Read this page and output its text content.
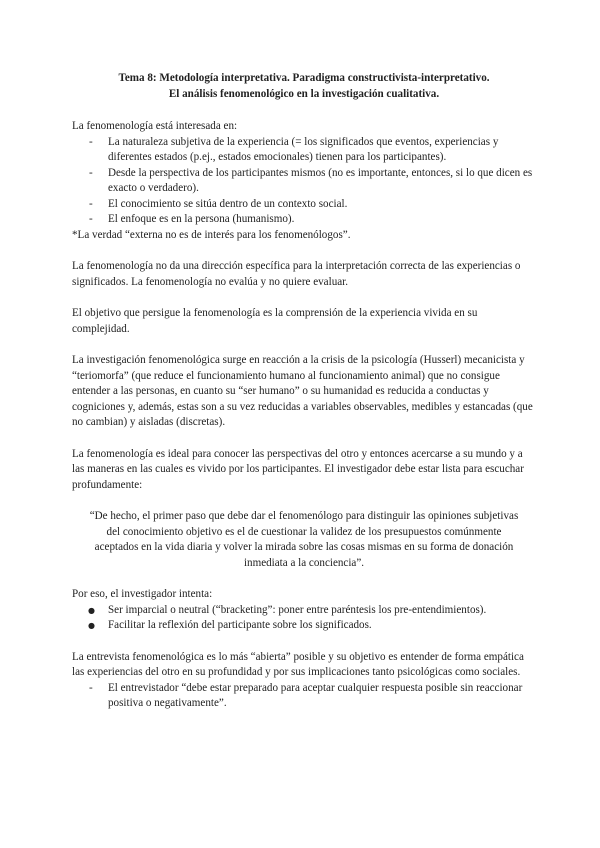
Tema 8: Metodología interpretativa. Paradigma constructivista-interpretativo.
El análisis fenomenológico en la investigación cualitativa.

La fenomenología está interesada en:

- La naturaleza subjetiva de la experiencia (= los significados que eventos, experiencias y diferentes estados (p.ej., estados emocionales) tienen para los participantes).
- Desde la perspectiva de los participantes mismos (no es importante, entonces, si lo que dicen es exacto o verdadero).
- El conocimiento se sitúa dentro de un contexto social.
- El enfoque es en la persona (humanismo).

*La verdad “externa no es de interés para los fenomenólogos”.

La fenomenología no da una dirección específica para la interpretación correcta de las experiencias o significados. La fenomenología no evalúa y no quiere evaluar.

El objetivo que persigue la fenomenología es la comprensión de la experiencia vivida en su complejidad.

La investigación fenomenológica surge en reacción a la crisis de la psicología (Husserl) mecanicista y “teriomorfa” (que reduce el funcionamiento humano al funcionamiento animal) que no consigue entender a las personas, en cuanto su “ser humano” o su humanidad es reducida a conductas y cogniciones y, además, estas son a su vez reducidas a variables observables, medibles y estancadas (que no cambian) y aisladas (discretas).

La fenomenología es ideal para conocer las perspectivas del otro y entonces acercarse a su mundo y a las maneras en las cuales es vivido por los participantes. El investigador debe estar lista para escuchar profundamente:

“De hecho, el primer paso que debe dar el fenomenólogo para distinguir las opiniones subjetivas del conocimiento objetivo es el de cuestionar la validez de los presupuestos comúnmente aceptados en la vida diaria y volver la mirada sobre las cosas mismas en su forma de donación inmediata a la conciencia”.

Por eso, el investigador intenta:

● Ser imparcial o neutral (“bracketing”: poner entre paréntesis los pre-entendimientos).
● Facilitar la reflexión del participante sobre los significados.

La entrevista fenomenológica es lo más “abierta” posible y su objetivo es entender de forma empática las experiencias del otro en su profundidad y por sus implicaciones tanto psicológicas como sociales.

- El entrevistador “debe estar preparado para aceptar cualquier respuesta posible sin reaccionar positiva o negativamente”.
